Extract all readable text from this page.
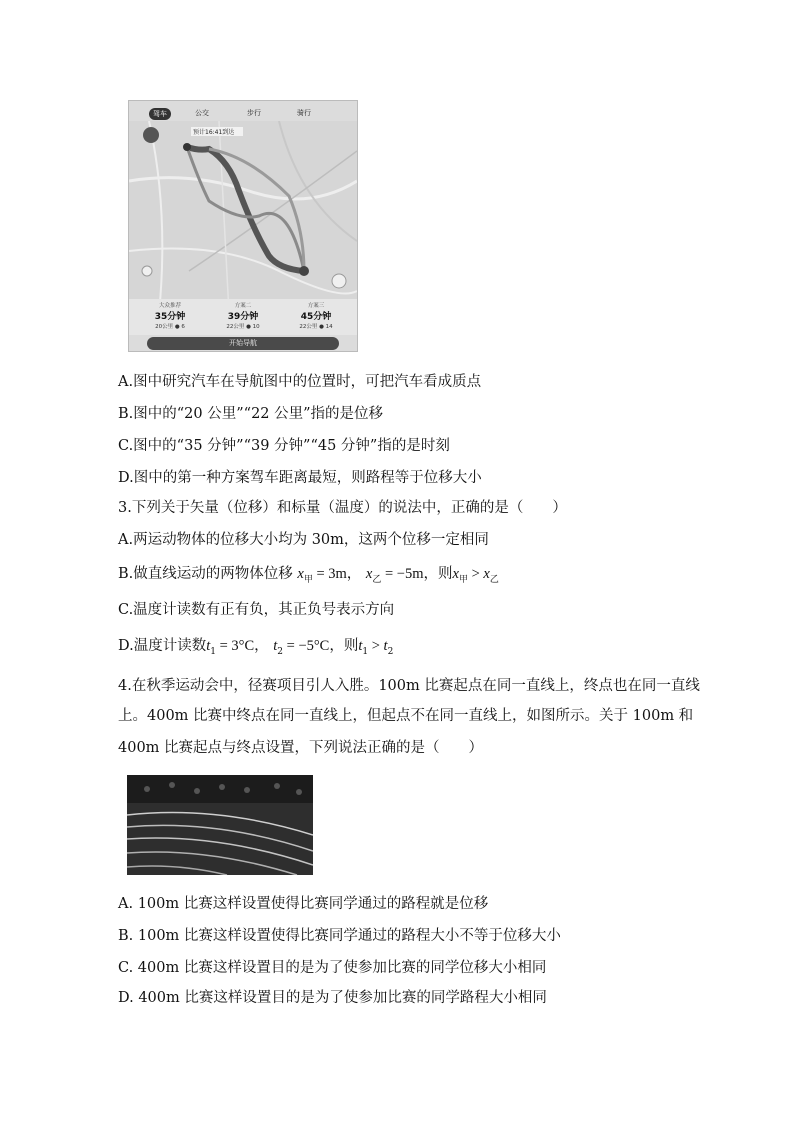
驾车	公交	步行	骑行
预计16:41到达
大众推荐
35分钟
20公里 ● 6
方案二
39分钟
22公里 ● 10
方案三
45分钟
22公里 ● 14
开始导航
A.图中研究汽车在导航图中的位置时，可把汽车看成质点
B.图中的“20 公里”“22 公里”指的是位移
C.图中的“35 分钟”“39 分钟”“45 分钟”指的是时刻
D.图中的第一种方案驾车距离最短，则路程等于位移大小
3.下列关于矢量（位移）和标量（温度）的说法中，正确的是（　　）
A.两运动物体的位移大小均为 30m，这两个位移一定相同
B.做直线运动的两物体位移 $x_甲 = 3m$， $x_乙 = -5m$，则$x_甲 > x_乙$
C.温度计读数有正有负，其正负号表示方向
D.温度计读数$t_1 = 3^\circ C$， $t_2 = -5^\circ C$，则$t_1 > t_2$
4.在秋季运动会中，径赛项目引人入胜。100m 比赛起点在同一直线上，终点也在同一直线
上。400m 比赛中终点在同一直线上，但起点不在同一直线上，如图所示。关于 100m 和
400m 比赛起点与终点设置，下列说法正确的是（　　）
A. 100m 比赛这样设置使得比赛同学通过的路程就是位移
B. 100m 比赛这样设置使得比赛同学通过的路程大小不等于位移大小
C. 400m 比赛这样设置目的是为了使参加比赛的同学位移大小相同
D. 400m 比赛这样设置目的是为了使参加比赛的同学路程大小相同
